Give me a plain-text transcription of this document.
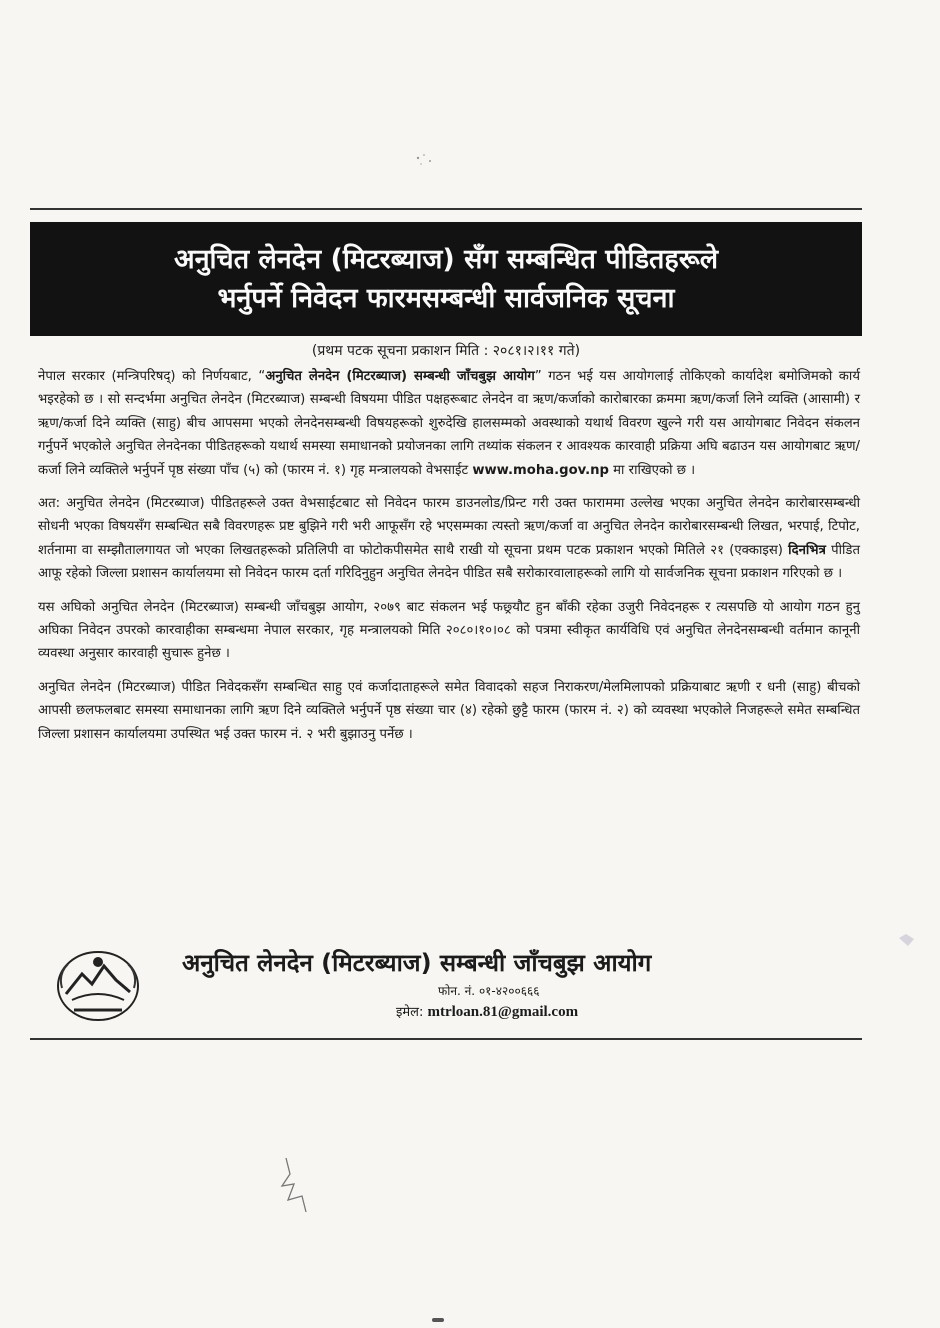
अनुचित लेनदेन (मिटरब्याज) सँग सम्बन्धित पीडितहरूले
भर्नुपर्ने निवेदन फारमसम्बन्धी सार्वजनिक सूचना
(प्रथम पटक सूचना प्रकाशन मिति : २०८१।२।११ गते)

नेपाल सरकार (मन्त्रिपरिषद्) को निर्णयबाट, “अनुचित लेनदेन (मिटरब्याज) सम्बन्धी जाँचबुझ आयोग” गठन भई यस आयोगलाई तोकिएको कार्यादेश बमोजिमको कार्य भइरहेको छ । सो सन्दर्भमा अनुचित लेनदेन (मिटरब्याज) सम्बन्धी विषयमा पीडित पक्षहरूबाट लेनदेन वा ऋण/कर्जाको कारोबारका क्रममा ऋण/कर्जा लिने व्यक्ति (आसामी) र ऋण/कर्जा दिने व्यक्ति (साहु) बीच आपसमा भएको लेनदेनसम्बन्धी विषयहरूको शुरुदेखि हालसम्मको अवस्थाको यथार्थ विवरण खुल्ने गरी यस आयोगबाट निवेदन संकलन गर्नुपर्ने भएकोले अनुचित लेनदेनका पीडितहरूको यथार्थ समस्या समाधानको प्रयोजनका लागि तथ्यांक संकलन र आवश्यक कारवाही प्रक्रिया अघि बढाउन यस आयोगबाट ऋण/कर्जा लिने व्यक्तिले भर्नुपर्ने पृष्ठ संख्या पाँच (५) को (फारम नं. १) गृह मन्त्रालयको वेभसाईट www.moha.gov.np मा राखिएको छ ।

अत: अनुचित लेनदेन (मिटरब्याज) पीडितहरूले उक्त वेभसाईटबाट सो निवेदन फारम डाउनलोड/प्रिन्ट गरी उक्त फाराममा उल्लेख भएका अनुचित लेनदेन कारोबारसम्बन्धी सोधनी भएका विषयसँग सम्बन्धित सबै विवरणहरू प्रष्ट बुझिने गरी भरी आफूसँग रहे भएसम्मका त्यस्तो ऋण/कर्जा वा अनुचित लेनदेन कारोबारसम्बन्धी लिखत, भरपाई, टिपोट, शर्तनामा वा सम्झौतालगायत जो भएका लिखतहरूको प्रतिलिपी वा फोटोकपीसमेत साथै राखी यो सूचना प्रथम पटक प्रकाशन भएको मितिले २१ (एक्काइस) दिनभित्र पीडित आफू रहेको जिल्ला प्रशासन कार्यालयमा सो निवेदन फारम दर्ता गरिदिनुहुन अनुचित लेनदेन पीडित सबै सरोकारवालाहरूको लागि यो सार्वजनिक सूचना प्रकाशन गरिएको छ ।

यस अघिको अनुचित लेनदेन (मिटरब्याज) सम्बन्धी जाँचबुझ आयोग, २०७९ बाट संकलन भई फछ्र्यौट हुन बाँकी रहेका उजुरी निवेदनहरू र त्यसपछि यो आयोग गठन हुनु अघिका निवेदन उपरको कारवाहीका सम्बन्धमा नेपाल सरकार, गृह मन्त्रालयको मिति २०८०।१०।०८ को पत्रमा स्वीकृत कार्यविधि एवं अनुचित लेनदेनसम्बन्धी वर्तमान कानूनी व्यवस्था अनुसार कारवाही सुचारू हुनेछ ।

अनुचित लेनदेन (मिटरब्याज) पीडित निवेदकसँग सम्बन्धित साहु एवं कर्जादाताहरूले समेत विवादको सहज निराकरण/मेलमिलापको प्रक्रियाबाट ऋणी र धनी (साहु) बीचको आपसी छलफलबाट समस्या समाधानका लागि ऋण दिने व्यक्तिले भर्नुपर्ने पृष्ठ संख्या चार (४) रहेको छुट्टै फारम (फारम नं. २) को व्यवस्था भएकोले निजहरूले समेत सम्बन्धित जिल्ला प्रशासन कार्यालयमा उपस्थित भई उक्त फारम नं. २ भरी बुझाउनु पर्नेछ ।

अनुचित लेनदेन (मिटरब्याज) सम्बन्धी जाँचबुझ आयोग
फोन. नं. ०१-४२००६६६
इमेल: mtrloan.81@gmail.com
